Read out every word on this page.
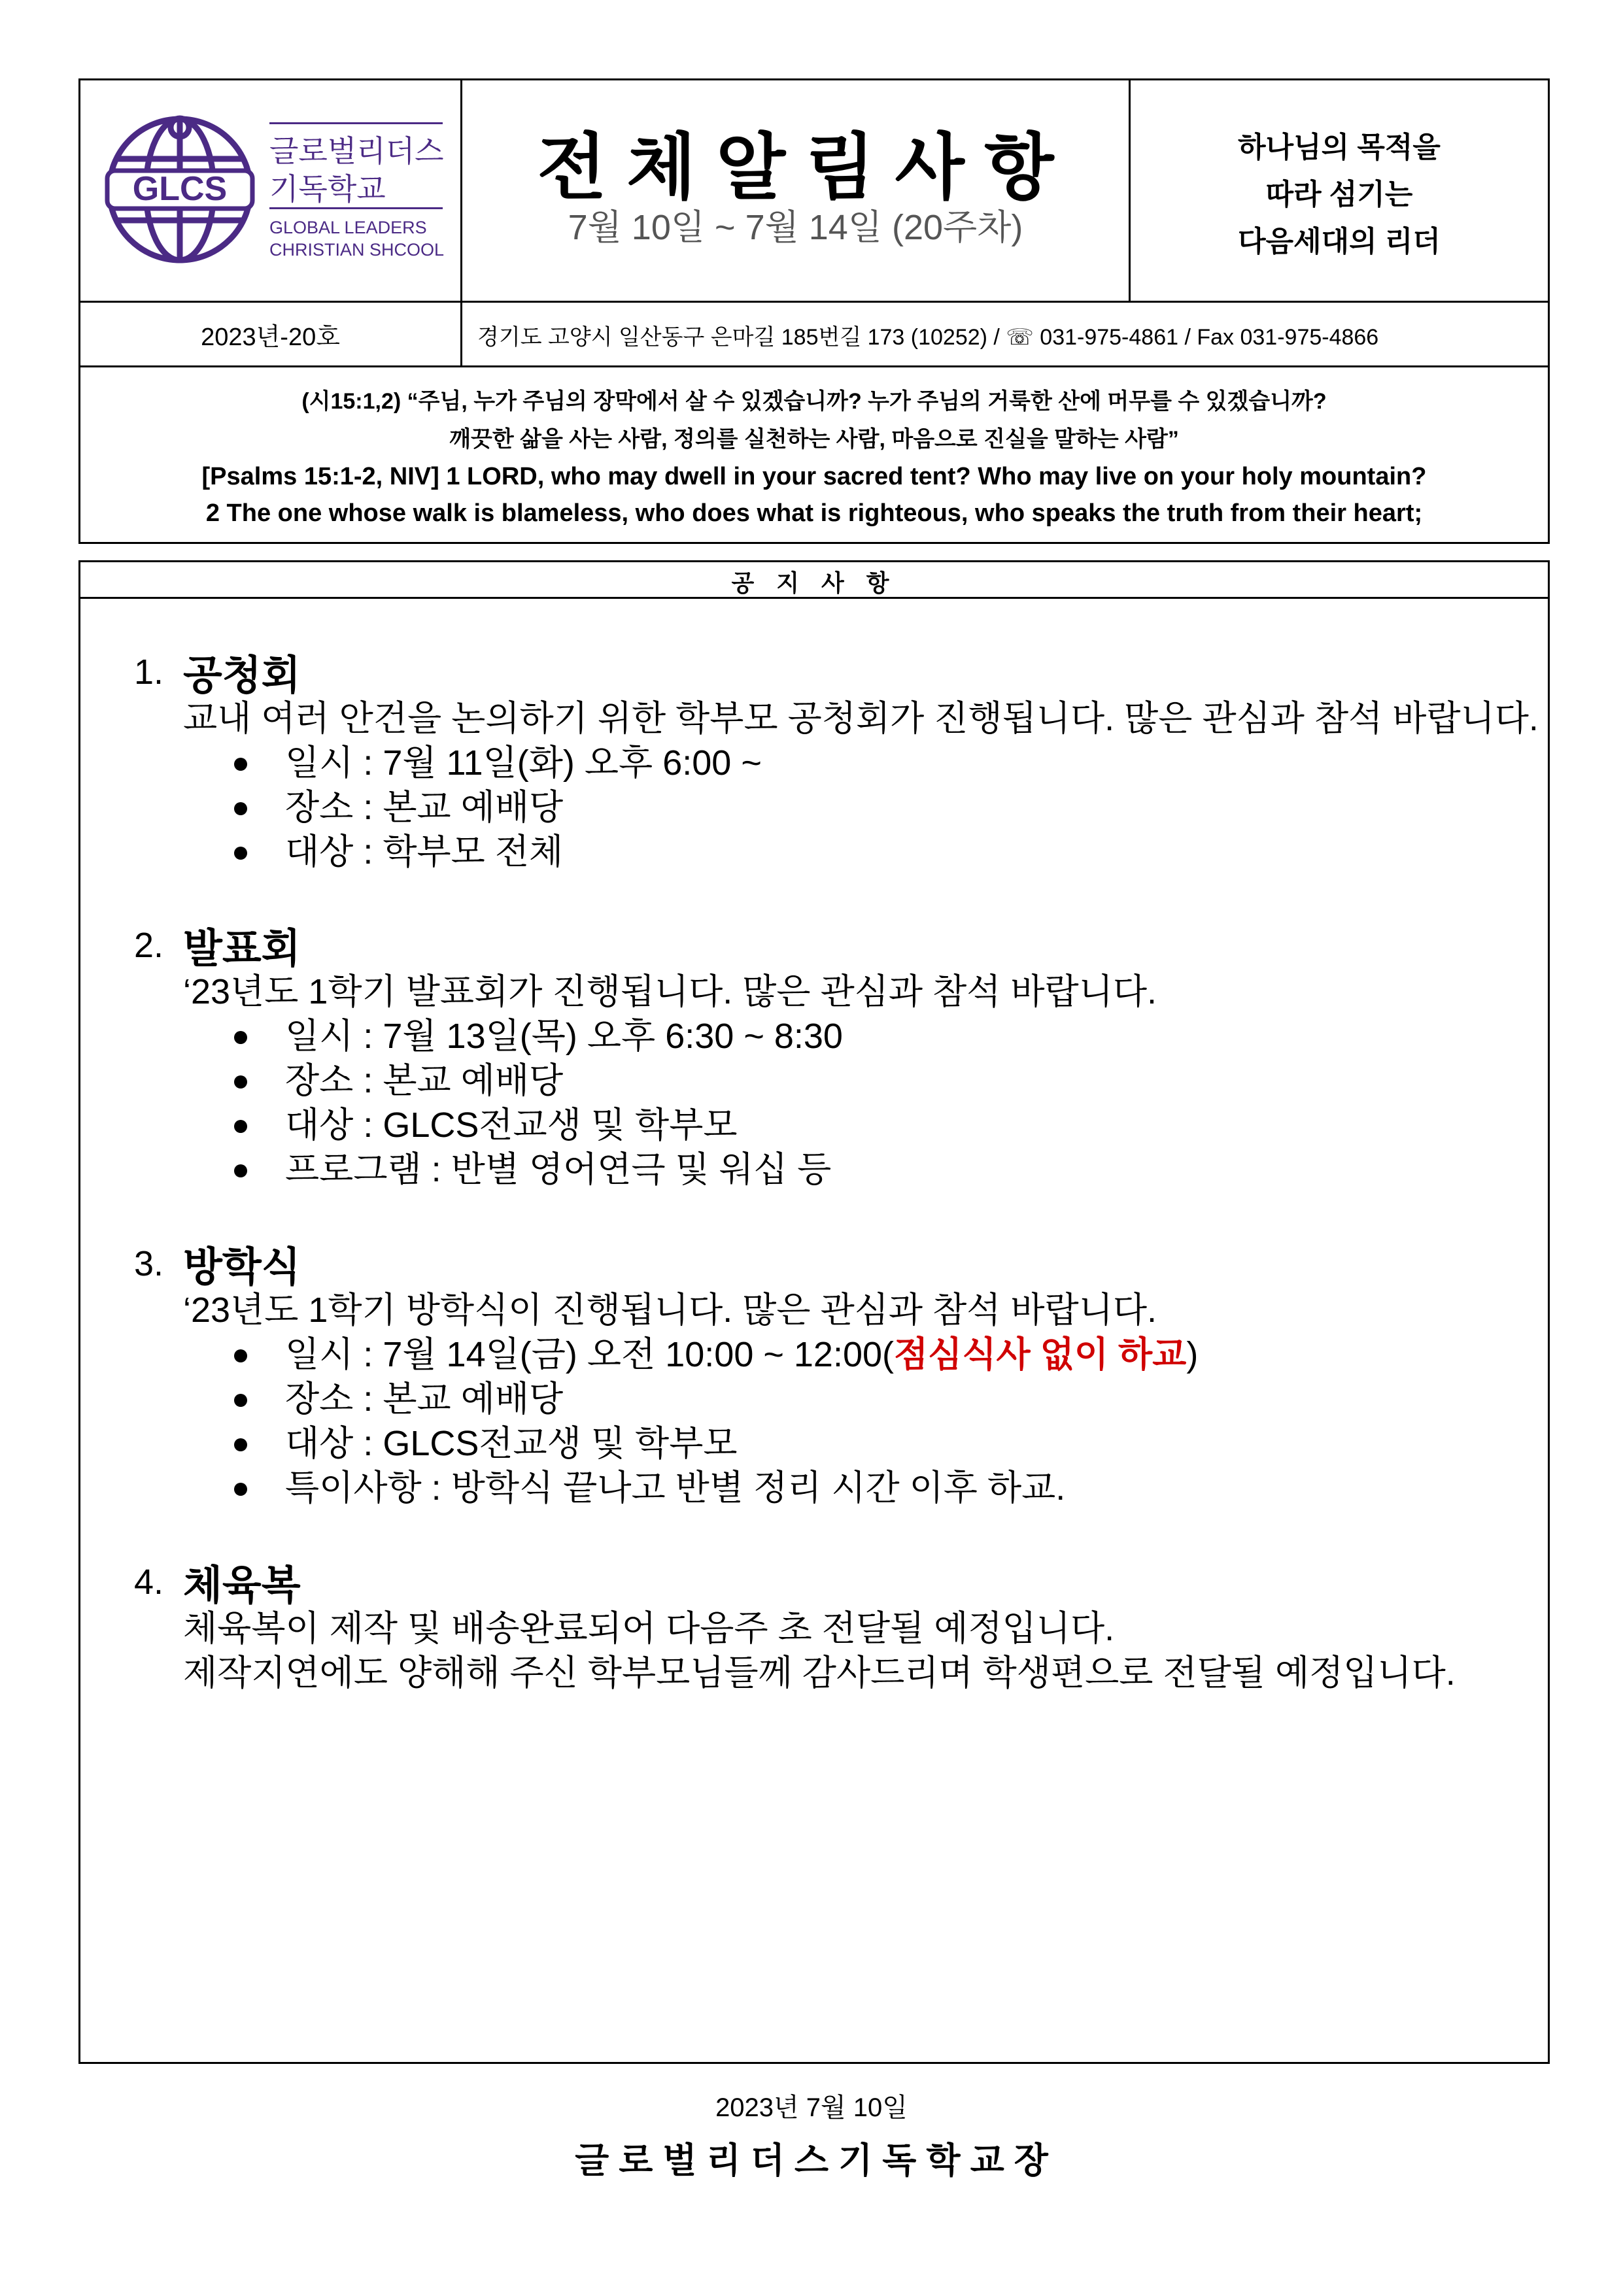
GLCS
글로벌리더스
기독학교
GLOBAL LEADERS
CHRISTIAN SHCOOL
전 체 알 림 사 항
7월 10일 ~ 7월 14일 (20주차)
하나님의 목적을
따라 섬기는
다음세대의 리더
2023년-20호	경기도 고양시 일산동구 은마길 185번길 173 (10252) / ☏ 031-975-4861 / Fax 031-975-4866
(시15:1,2) “주님, 누가 주님의 장막에서 살 수 있겠습니까? 누가 주님의 거룩한 산에 머무를 수 있겠습니까?
깨끗한 삶을 사는 사람, 정의를 실천하는 사람, 마음으로 진실을 말하는 사람”
[Psalms 15:1-2, NIV] 1 LORD, who may dwell in your sacred tent? Who may live on your holy mountain?
2 The one whose walk is blameless, who does what is righteous, who speaks the truth from their heart;
공 지 사 항
1. 공청회
교내 여러 안건을 논의하기 위한 학부모 공청회가 진행됩니다. 많은 관심과 참석 바랍니다.
일시 : 7월 11일(화) 오후 6:00 ~
장소 : 본교 예배당
대상 : 학부모 전체
2. 발표회
‘23년도 1학기 발표회가 진행됩니다. 많은 관심과 참석 바랍니다.
일시 : 7월 13일(목) 오후 6:30 ~ 8:30
장소 : 본교 예배당
대상 : GLCS전교생 및 학부모
프로그램 : 반별 영어연극 및 워십 등
3. 방학식
‘23년도 1학기 방학식이 진행됩니다. 많은 관심과 참석 바랍니다.
일시 : 7월 14일(금) 오전 10:00 ~ 12:00(점심식사 없이 하교)
장소 : 본교 예배당
대상 : GLCS전교생 및 학부모
특이사항 : 방학식 끝나고 반별 정리 시간 이후 하교.
4. 체육복
체육복이 제작 및 배송완료되어 다음주 초 전달될 예정입니다.
제작지연에도 양해해 주신 학부모님들께 감사드리며 학생편으로 전달될 예정입니다.
2023년 7월 10일
글 로 벌 리 더 스 기 독 학 교 장
